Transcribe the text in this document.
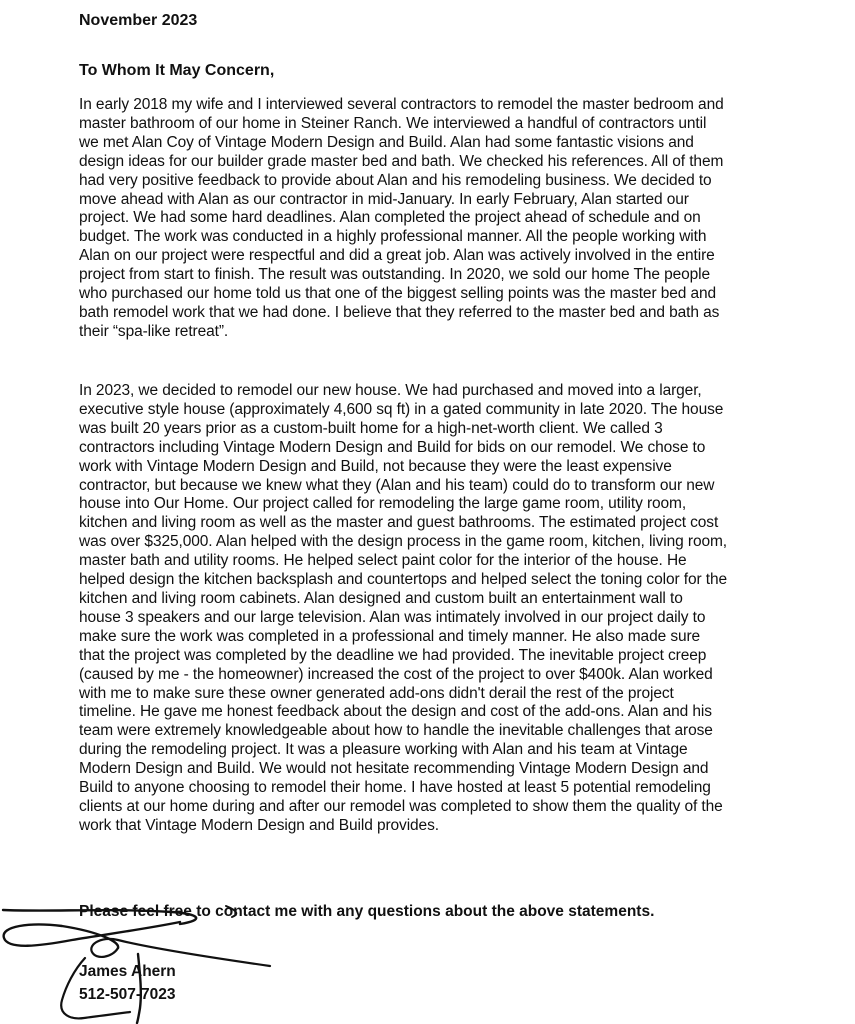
November 2023
To Whom It May Concern,
In early 2018 my wife and I interviewed several contractors to remodel the master bedroom and
master bathroom of our home in Steiner Ranch. We interviewed a handful of contractors until
we met Alan Coy of Vintage Modern Design and Build. Alan had some fantastic visions and
design ideas for our builder grade master bed and bath. We checked his references. All of them
had very positive feedback to provide about Alan and his remodeling business. We decided to
move ahead with Alan as our contractor in mid-January. In early February, Alan started our
project. We had some hard deadlines. Alan completed the project ahead of schedule and on
budget. The work was conducted in a highly professional manner. All the people working with
Alan on our project were respectful and did a great job. Alan was actively involved in the entire
project from start to finish. The result was outstanding. In 2020, we sold our home The people
who purchased our home told us that one of the biggest selling points was the master bed and
bath remodel work that we had done. I believe that they referred to the master bed and bath as
their “spa-like retreat”.
In 2023, we decided to remodel our new house. We had purchased and moved into a larger,
executive style house (approximately 4,600 sq ft) in a gated community in late 2020. The house
was built 20 years prior as a custom-built home for a high-net-worth client. We called 3
contractors including Vintage Modern Design and Build for bids on our remodel. We chose to
work with Vintage Modern Design and Build, not because they were the least expensive
contractor, but because we knew what they (Alan and his team) could do to transform our new
house into Our Home. Our project called for remodeling the large game room, utility room,
kitchen and living room as well as the master and guest bathrooms. The estimated project cost
was over $325,000. Alan helped with the design process in the game room, kitchen, living room,
master bath and utility rooms. He helped select paint color for the interior of the house. He
helped design the kitchen backsplash and countertops and helped select the toning color for the
kitchen and living room cabinets. Alan designed and custom built an entertainment wall to
house 3 speakers and our large television. Alan was intimately involved in our project daily to
make sure the work was completed in a professional and timely manner. He also made sure
that the project was completed by the deadline we had provided. The inevitable project creep
(caused by me - the homeowner) increased the cost of the project to over $400k. Alan worked
with me to make sure these owner generated add-ons didn't derail the rest of the project
timeline. He gave me honest feedback about the design and cost of the add-ons. Alan and his
team were extremely knowledgeable about how to handle the inevitable challenges that arose
during the remodeling project. It was a pleasure working with Alan and his team at Vintage
Modern Design and Build. We would not hesitate recommending Vintage Modern Design and
Build to anyone choosing to remodel their home. I have hosted at least 5 potential remodeling
clients at our home during and after our remodel was completed to show them the quality of the
work that Vintage Modern Design and Build provides.
Please feel free to contact me with any questions about the above statements.
James Ahern
512-507-7023
